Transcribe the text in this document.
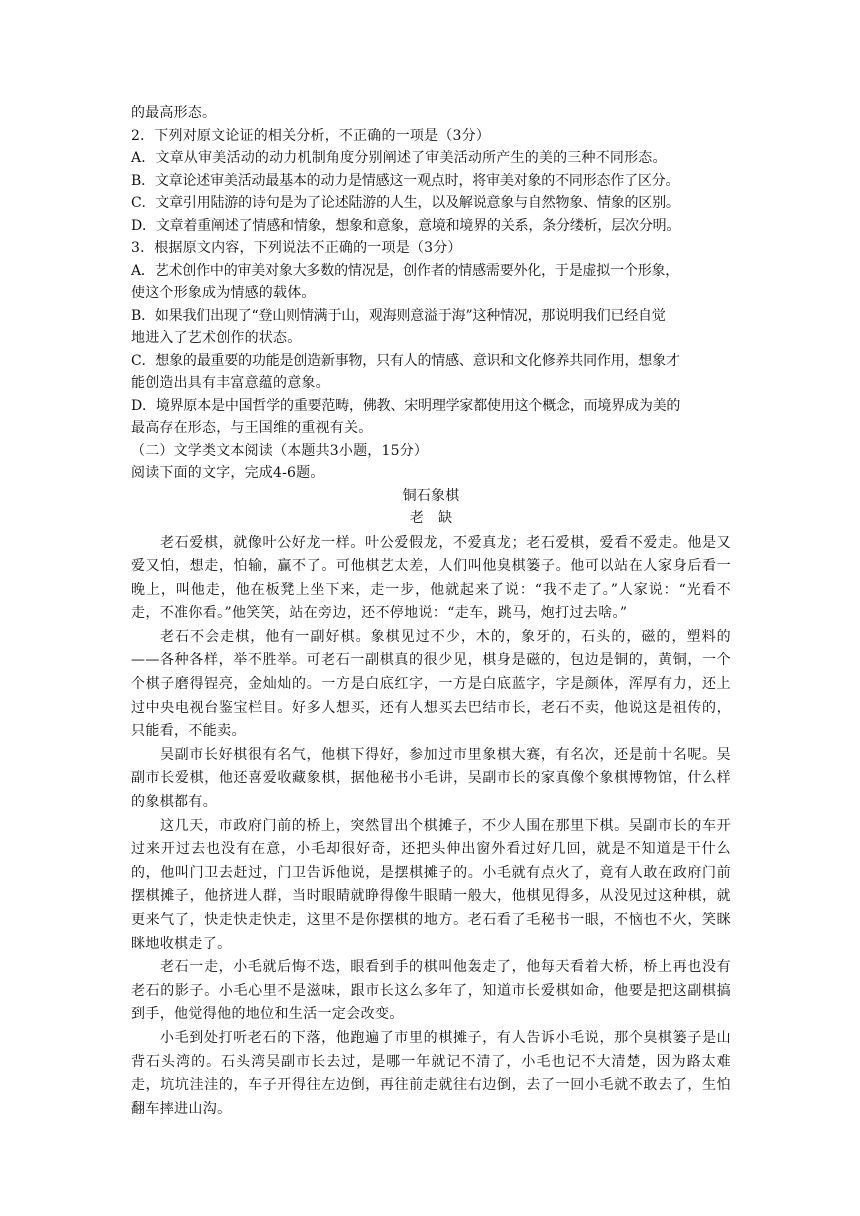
的最高形态。
2．下列对原文论证的相关分析，不正确的一项是（3分）
A．文章从审美活动的动力机制角度分别阐述了审美活动所产生的美的三种不同形态。
B．文章论述审美活动最基本的动力是情感这一观点时，将审美对象的不同形态作了区分。
C．文章引用陆游的诗句是为了论述陆游的人生，以及解说意象与自然物象、情象的区别。
D．文章着重阐述了情感和情象，想象和意象，意境和境界的关系，条分缕析，层次分明。
3．根据原文内容，下列说法不正确的一项是（3分）
A．艺术创作中的审美对象大多数的情况是，创作者的情感需要外化，于是虚拟一个形象，
使这个形象成为情感的载体。
B．如果我们出现了“登山则情满于山，观海则意溢于海”这种情况，那说明我们已经自觉
地进入了艺术创作的状态。
C．想象的最重要的功能是创造新事物，只有人的情感、意识和文化修养共同作用，想象才
能创造出具有丰富意蕴的意象。
D．境界原本是中国哲学的重要范畴，佛教、宋明理学家都使用这个概念，而境界成为美的
最高存在形态，与王国维的重视有关。
（二）文学类文本阅读（本题共3小题，15分）
阅读下面的文字，完成4-6题。
铜石象棋
老　缺

老石爱棋，就像叶公好龙一样。叶公爱假龙，不爱真龙；老石爱棋，爱看不爱走。他是又爱又怕，想走，怕输，赢不了。可他棋艺太差，人们叫他臭棋篓子。他可以站在人家身后看一晚上，叫他走，他在板凳上坐下来，走一步，他就起来了说：“我不走了。”人家说：“光看不走，不准你看。”他笑笑，站在旁边，还不停地说：“走车，跳马，炮打过去啥。”

老石不会走棋，他有一副好棋。象棋见过不少，木的，象牙的，石头的，磁的，塑料的——各种各样，举不胜举。可老石一副棋真的很少见，棋身是磁的，包边是铜的，黄铜，一个个棋子磨得锃亮，金灿灿的。一方是白底红字，一方是白底蓝字，字是颜体，浑厚有力，还上过中央电视台鉴宝栏目。好多人想买，还有人想买去巴结市长，老石不卖，他说这是祖传的，只能看，不能卖。

吴副市长好棋很有名气，他棋下得好，参加过市里象棋大赛，有名次，还是前十名呢。吴副市长爱棋，他还喜爱收藏象棋，据他秘书小毛讲，吴副市长的家真像个象棋博物馆，什么样的象棋都有。

这几天，市政府门前的桥上，突然冒出个棋摊子，不少人围在那里下棋。吴副市长的车开过来开过去也没有在意，小毛却很好奇，还把头伸出窗外看过好几回，就是不知道是干什么的，他叫门卫去赶过，门卫告诉他说，是摆棋摊子的。小毛就有点火了，竟有人敢在政府门前摆棋摊子，他挤进人群，当时眼睛就睁得像牛眼睛一般大，他棋见得多，从没见过这种棋，就更来气了，快走快走快走，这里不是你摆棋的地方。老石看了毛秘书一眼，不恼也不火，笑眯眯地收棋走了。

老石一走，小毛就后悔不迭，眼看到手的棋叫他轰走了，他每天看着大桥，桥上再也没有老石的影子。小毛心里不是滋味，跟市长这么多年了，知道市长爱棋如命，他要是把这副棋搞到手，他觉得他的地位和生活一定会改变。

小毛到处打听老石的下落，他跑遍了市里的棋摊子，有人告诉小毛说，那个臭棋篓子是山背石头湾的。石头湾吴副市长去过，是哪一年就记不清了，小毛也记不大清楚，因为路太难走，坑坑洼洼的，车子开得往左边倒，再往前走就往右边倒，去了一回小毛就不敢去了，生怕翻车摔进山沟。
